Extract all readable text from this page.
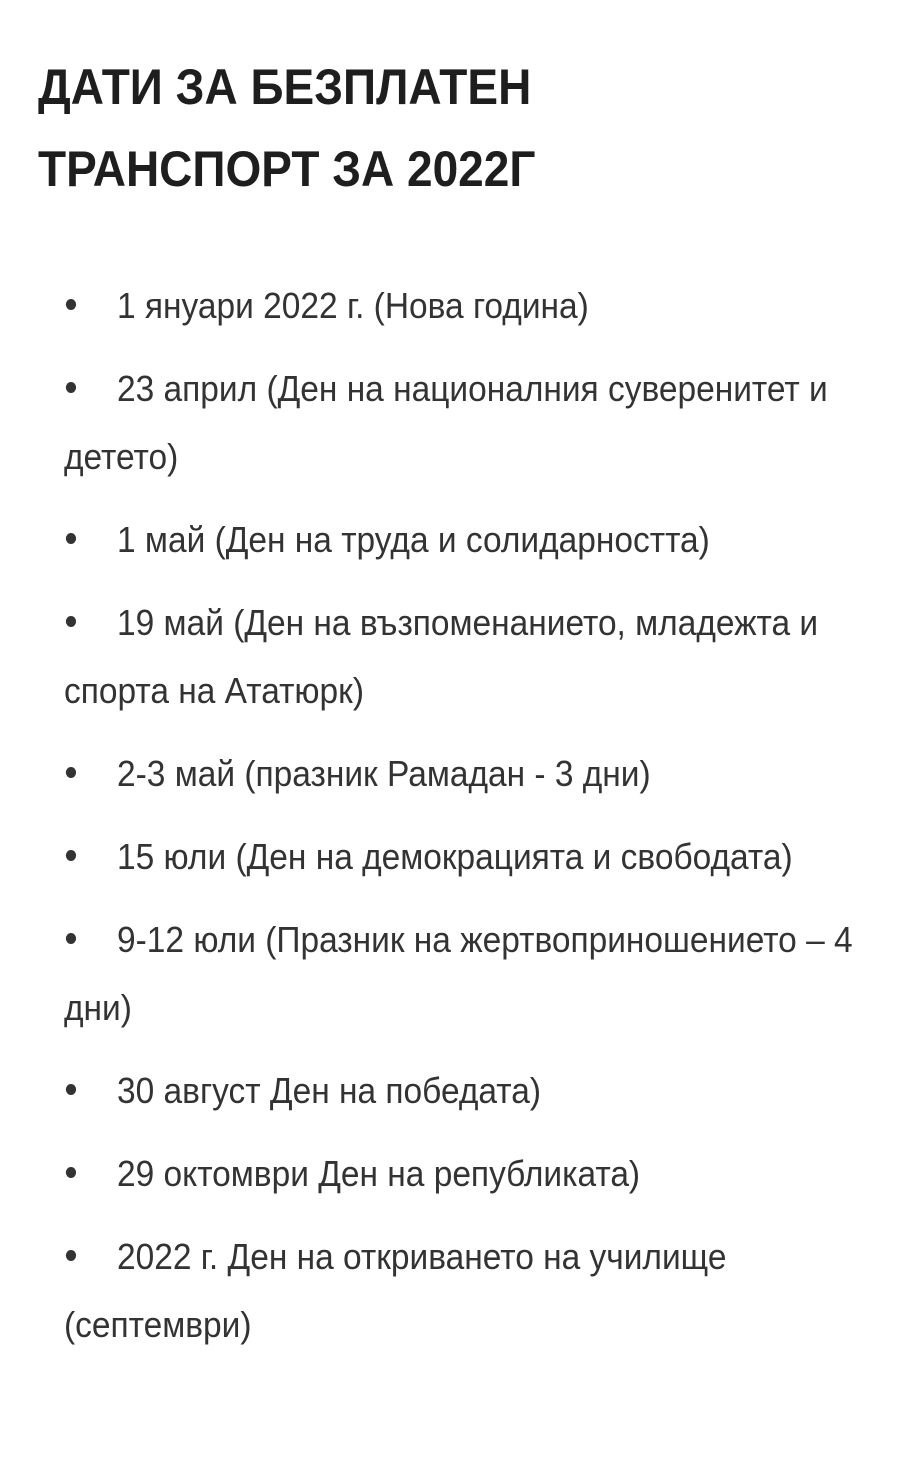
ДАТИ ЗА БЕЗПЛАТЕН
ТРАНСПОРТ ЗА 2022Г
1 януари 2022 г. (Нова година)
23 април (Ден на националния суверенитет и детето)
1 май (Ден на труда и солидарността)
19 май (Ден на възпоменанието, младежта и спорта на Ататюрк)
2-3 май (празник Рамадан - 3 дни)
15 юли (Ден на демокрацията и свободата)
9-12 юли (Празник на жертвоприношението – 4 дни)
30 август Ден на победата)
29 октомври Ден на републиката)
2022 г. Ден на откриването на училище (септември)
